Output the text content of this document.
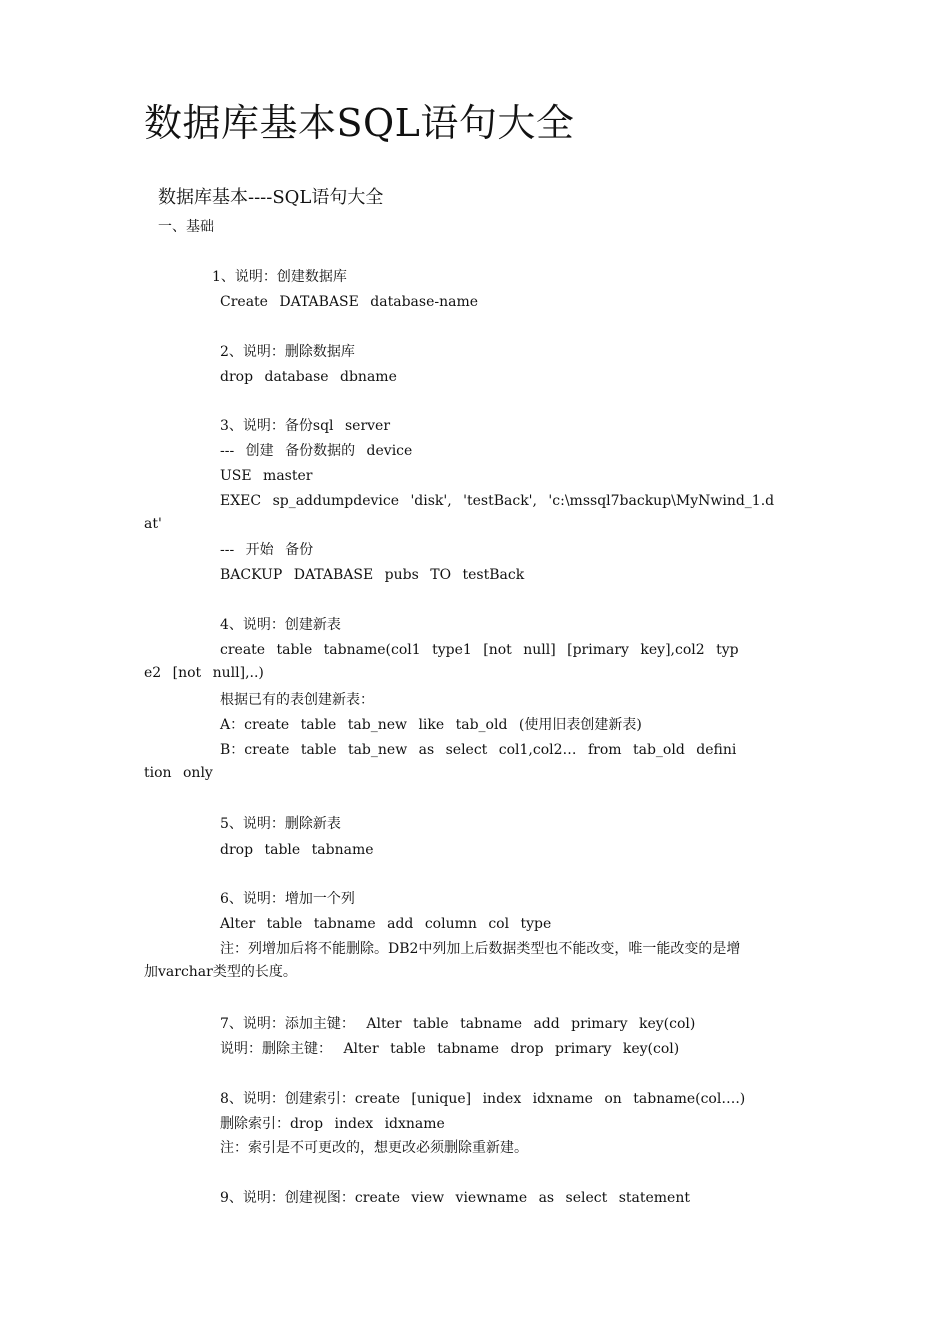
数据库基本SQL语句大全
数据库基本----SQL语句大全
一、基础
1、说明：创建数据库
Create DATABASE database-name
2、说明：删除数据库
drop database dbname
3、说明：备份sql server
--- 创建 备份数据的 device
USE master
EXEC sp_addumpdevice 'disk', 'testBack', 'c:\mssql7backup\MyNwind_1.d
at'
--- 开始 备份
BACKUP DATABASE pubs TO testBack
4、说明：创建新表
create table tabname(col1 type1 [not null] [primary key],col2 typ
e2 [not null],..)
根据已有的表创建新表：
A：create table tab_new like tab_old (使用旧表创建新表)
B：create table tab_new as select col1,col2… from tab_old defini
tion only
5、说明：删除新表
drop table tabname
6、说明：增加一个列
Alter table tabname add column col type
注：列增加后将不能删除。DB2中列加上后数据类型也不能改变，唯一能改变的是增
加varchar类型的长度。
7、说明：添加主键： Alter table tabname add primary key(col)
说明：删除主键： Alter table tabname drop primary key(col)
8、说明：创建索引：create [unique] index idxname on tabname(col….)
删除索引：drop index idxname
注：索引是不可更改的，想更改必须删除重新建。
9、说明：创建视图：create view viewname as select statement
